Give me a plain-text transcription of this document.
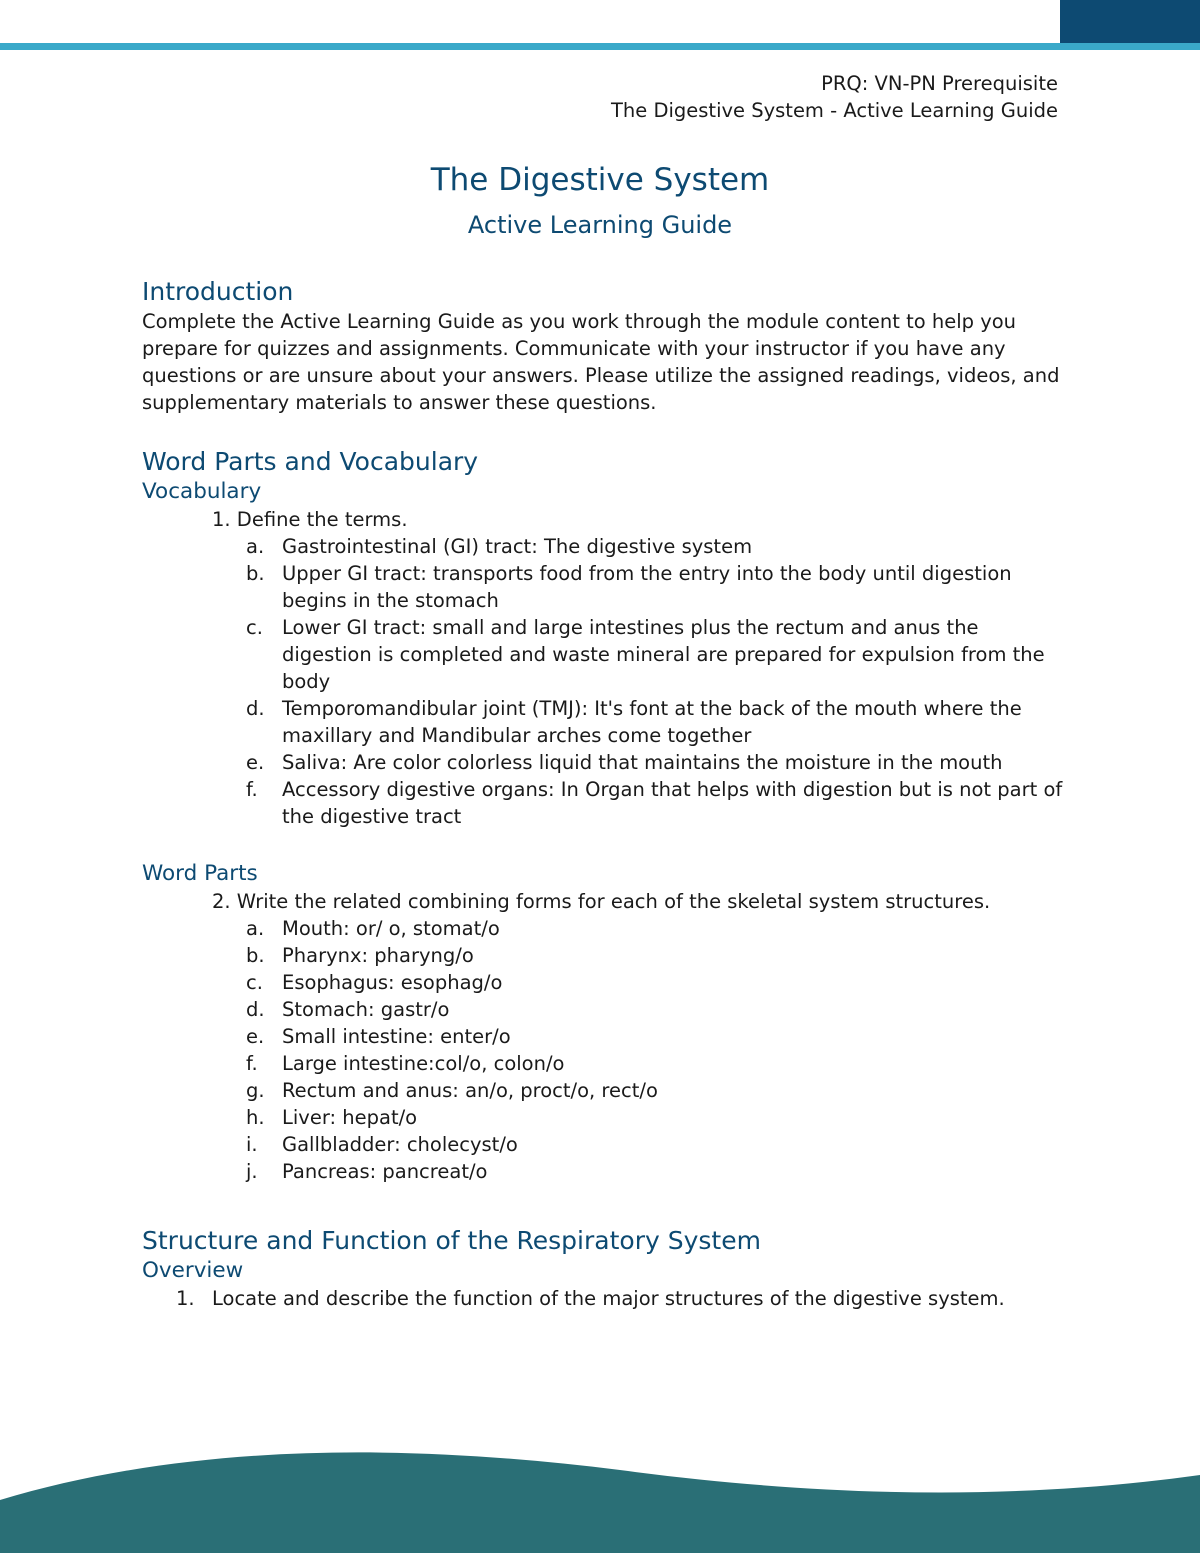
PRQ: VN-PN Prerequisite
The Digestive System - Active Learning Guide
The Digestive System
Active Learning Guide
Introduction

Complete the Active Learning Guide as you work through the module content to help you prepare for quizzes and assignments. Communicate with your instructor if you have any questions or are unsure about your answers. Please utilize the assigned readings, videos, and supplementary materials to answer these questions.

Word Parts and Vocabulary
Vocabulary
1. Define the terms.
a. Gastrointestinal (GI) tract: The digestive system
b. Upper GI tract: transports food from the entry into the body until digestion begins in the stomach
c. Lower GI tract: small and large intestines plus the rectum and anus the digestion is completed and waste mineral are prepared for expulsion from the body
d. Temporomandibular joint (TMJ): It's font at the back of the mouth where the maxillary and Mandibular arches come together
e. Saliva: Are color colorless liquid that maintains the moisture in the mouth
f. Accessory digestive organs: In Organ that helps with digestion but is not part of the digestive tract
Word Parts
2. Write the related combining forms for each of the skeletal system structures.
a. Mouth: or/ o, stomat/o
b. Pharynx: pharyng/o
c. Esophagus: esophag/o
d. Stomach: gastr/o
e. Small intestine: enter/o
f. Large intestine:col/o, colon/o
g. Rectum and anus: an/o, proct/o, rect/o
h. Liver: hepat/o
i. Gallbladder: cholecyst/o
j. Pancreas: pancreat/o
Structure and Function of the Respiratory System
Overview
1. Locate and describe the function of the major structures of the digestive system.
